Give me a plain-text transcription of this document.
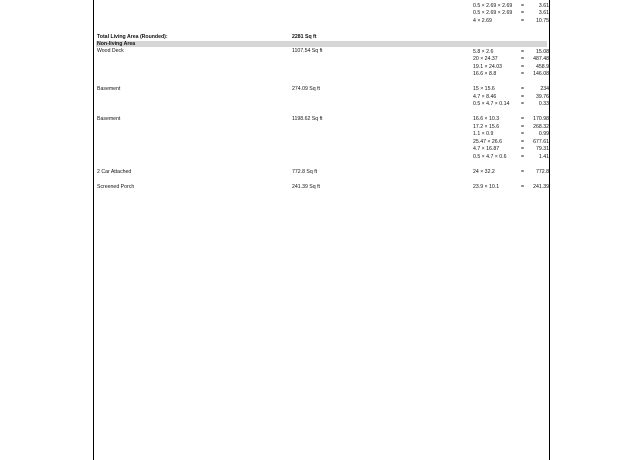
0.5 × 2.69 × 2.69 =	3.61
0.5 × 2.69 × 2.69 =	3.61
4 × 2.69	=	10.75
Total Living Area (Rounded):	2281 Sq ft
Non-living Area
Wood Deck	1107.54 Sq ft	5.8 × 2.6	=	15.08
20 × 24.37	=	487.48
19.1 × 24.03	=	458.9
16.6 × 8.8	=	146.08
Basement	274.09 Sq ft	15 × 15.6	=	234
4.7 × 8.46	=	39.76
0.5 × 4.7 × 0.14 =	0.33
Basement	1198.62 Sq ft	16.6 × 10.3	=	170.98
17.2 × 15.6	=	268.32
1.1 × 0.9	=	0.99
25.47 × 26.6	=	677.61
4.7 × 16.87	=	79.31
0.5 × 4.7 × 0.6	=	1.41
2 Car Attached	772.8 Sq ft	24 × 32.2	=	772.8
Screened Porch	241.39 Sq ft	23.9 × 10.1	=	241.39
